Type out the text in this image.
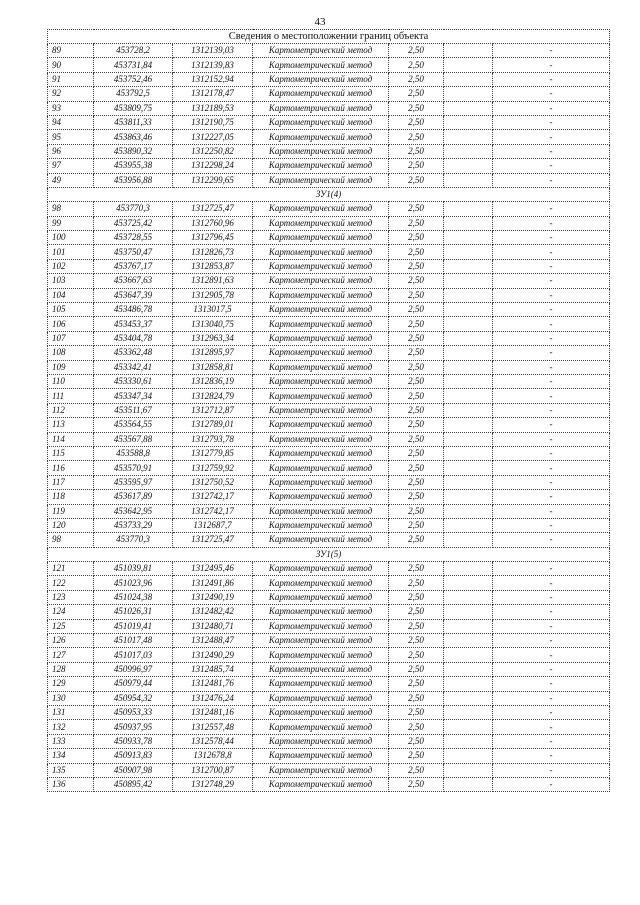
43
Сведения о местоположении границ объекта						
89	453728,2	1312139,03	Картометрический метод	2,50		-
90	453731,84	1312139,83	Картометрический метод	2,50		-
91	453752,46	1312152,94	Картометрический метод	2,50		-
92	453792,5	1312178,47	Картометрический метод	2,50		-
93	453809,75	1312189,53	Картометрический метод	2,50		-
94	453811,33	1312190,75	Картометрический метод	2,50		-
95	453863,46	1312227,05	Картометрический метод	2,50		-
96	453890,32	1312250,82	Картометрический метод	2,50		-
97	453955,38	1312298,24	Картометрический метод	2,50		-
49	453956,88	1312299,65	Картометрический метод	2,50		-
ЗУ1(4)						
98	453770,3	1312725,47	Картометрический метод	2,50		-
99	453725,42	1312760,96	Картометрический метод	2,50		-
100	453728,55	1312796,45	Картометрический метод	2,50		-
101	453750,47	1312826,73	Картометрический метод	2,50		-
102	453767,17	1312853,87	Картометрический метод	2,50		-
103	453667,63	1312891,63	Картометрический метод	2,50		-
104	453647,39	1312905,78	Картометрический метод	2,50		-
105	453486,78	1313017,5	Картометрический метод	2,50		-
106	453453,37	1313040,75	Картометрический метод	2,50		-
107	453404,78	1312963,34	Картометрический метод	2,50		-
108	453362,48	1312895,97	Картометрический метод	2,50		-
109	453342,41	1312858,81	Картометрический метод	2,50		-
110	453330,61	1312836,19	Картометрический метод	2,50		-
111	453347,34	1312824,79	Картометрический метод	2,50		-
112	453511,67	1312712,87	Картометрический метод	2,50		-
113	453564,55	1312789,01	Картометрический метод	2,50		-
114	453567,88	1312793,78	Картометрический метод	2,50		-
115	453588,8	1312779,85	Картометрический метод	2,50		-
116	453570,91	1312759,92	Картометрический метод	2,50		-
117	453595,97	1312750,52	Картометрический метод	2,50		-
118	453617,89	1312742,17	Картометрический метод	2,50		-
119	453642,95	1312742,17	Картометрический метод	2,50		-
120	453733,29	1312687,7	Картометрический метод	2,50		-
98	453770,3	1312725,47	Картометрический метод	2,50		-
ЗУ1(5)						
121	451039,81	1312495,46	Картометрический метод	2,50		-
122	451023,96	1312491,86	Картометрический метод	2,50		-
123	451024,38	1312490,19	Картометрический метод	2,50		-
124	451026,31	1312482,42	Картометрический метод	2,50		-
125	451019,41	1312480,71	Картометрический метод	2,50		-
126	451017,48	1312488,47	Картометрический метод	2,50		-
127	451017,03	1312490,29	Картометрический метод	2,50		-
128	450996,97	1312485,74	Картометрический метод	2,50		-
129	450979,44	1312481,76	Картометрический метод	2,50		-
130	450954,32	1312476,24	Картометрический метод	2,50		-
131	450953,33	1312481,16	Картометрический метод	2,50		-
132	450937,95	1312557,48	Картометрический метод	2,50		-
133	450933,78	1312578,44	Картометрический метод	2,50		-
134	450913,83	1312678,8	Картометрический метод	2,50		-
135	450907,98	1312700,87	Картометрический метод	2,50		-
136	450895,42	1312748,29	Картометрический метод	2,50		-
